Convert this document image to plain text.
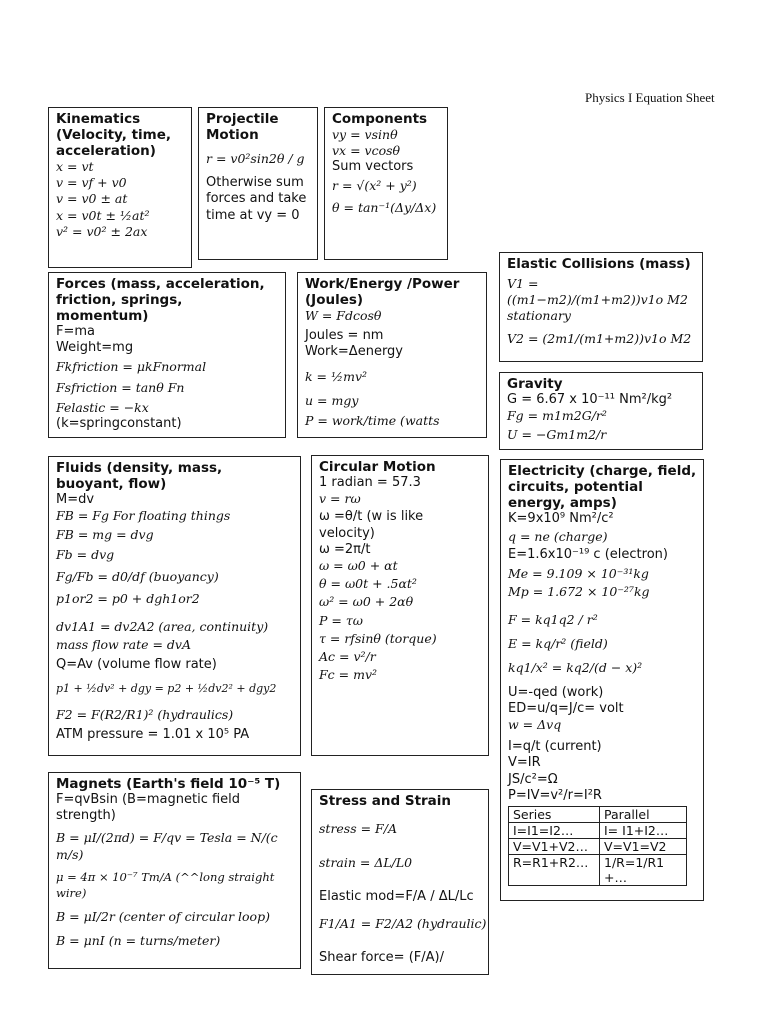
Physics I Equation Sheet
Kinematics (Velocity, time, acceleration)
x = vt
v = vf + v0
v = v0 ± at
x = v0t ± ½at²
v² = v0² ± 2ax
Projectile Motion
r = v0²sin2θ / g
Otherwise sum forces and take time at vy = 0
Components
vy = vsinθ
vx = vcosθ
Sum vectors
r = √(x² + y²)
θ = tan⁻¹(Δy/Δx)
Elastic Collisions (mass)
V1 = ((m1−m2)/(m1+m2))v1o M2 stationary
V2 = (2m1/(m1+m2))v1o M2
Forces (mass, acceleration, friction, springs, momentum)
F=ma
Weight=mg
Fkfriction = μkFnormal
Fsfriction = tanθ Fn
Felastic = −kx
(k=springconstant)
Work/Energy /Power (Joules)
W = Fdcosθ
Joules = nm
Work=Δenergy
k = ½mv²
u = mgy
P = work/time (watts
Gravity
G = 6.67 x 10⁻¹¹ Nm²/kg²
Fg = m1m2G/r²
U = −Gm1m2/r
Fluids (density, mass, buoyant, flow)
M=dv
FB = Fg For floating things
FB = mg = dvg
Fb = dvg
Fg/Fb = d0/df (buoyancy)
p1or2 = p0 + dgh1or2
dv1A1 = dv2A2 (area, continuity)
mass flow rate = dvA
Q=Av (volume flow rate)
p1 + ½dv² + dgy = p2 + ½dv2² + dgy2
F2 = F(R2/R1)² (hydraulics)
ATM pressure = 1.01 x 10⁵ PA
Circular Motion
1 radian = 57.3
v = rω
ω =θ/t (w is like velocity)
ω =2π/t
ω = ω0 + αt
θ = ω0t + .5αt²
ω² = ω0 + 2αθ
P = τω
τ = rfsinθ (torque)
Ac = v²/r
Fc = mv²
Electricity (charge, field, circuits, potential energy, amps)
K=9x10⁹ Nm²/c²
q = ne (charge)
E=1.6x10⁻¹⁹ c (electron)
Me = 9.109 × 10⁻³¹kg
Mp = 1.672 × 10⁻²⁷kg
F = kq1q2 / r²
E = kq/r² (field)
kq1/x² = kq2/(d − x)²
U=-qed (work)
ED=u/q=J/c= volt
w = Δvq
I=q/t (current)
V=IR
JS/c²=Ω
P=IV=v²/r=I²R
Series	Parallel
I=I1=I2…	I= I1+I2…
V=V1+V2…	V=V1=V2
R=R1+R2…	1/R=1/R1 +…
Magnets (Earth's field 10⁻⁵ T)
F=qvBsin (B=magnetic field strength)
B = μI/(2πd) = F/qv = Tesla = N/(c m/s)
μ = 4π × 10⁻⁷ Tm/A (^^long straight wire)
B = μI/2r (center of circular loop)
B = μnI (n = turns/meter)
Stress and Strain
stress = F/A
strain = ΔL/L0
Elastic mod=F/A / ΔL/Lc
F1/A1 = F2/A2 (hydraulic)
Shear force= (F/A)/
